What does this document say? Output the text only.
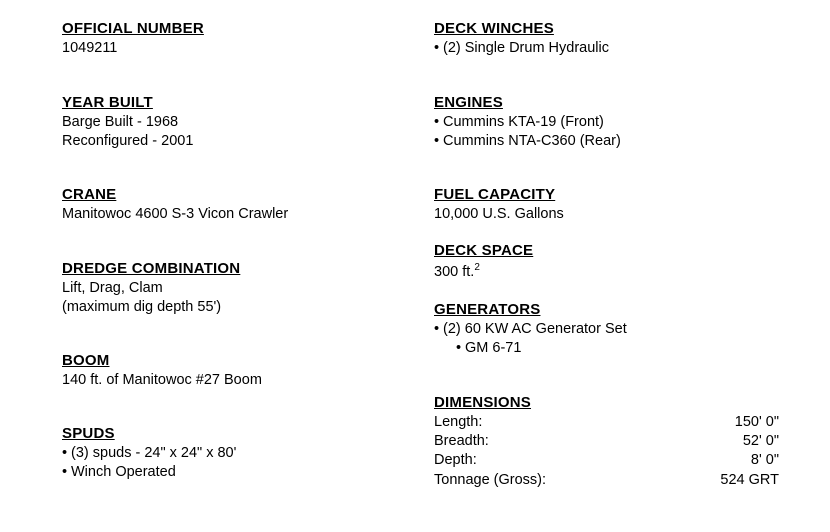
OFFICIAL NUMBER
1049211
YEAR BUILT
Barge Built - 1968
Reconfigured - 2001
CRANE
Manitowoc 4600 S-3 Vicon Crawler
DREDGE COMBINATION
Lift, Drag, Clam
(maximum dig depth 55')
BOOM
140 ft. of Manitowoc #27 Boom
SPUDS
• (3) spuds - 24" x 24" x 80'
• Winch Operated
DECK WINCHES
• (2) Single Drum Hydraulic
ENGINES
• Cummins KTA-19 (Front)
• Cummins NTA-C360 (Rear)
FUEL CAPACITY
10,000 U.S. Gallons
DECK SPACE
300 ft.$^2$
GENERATORS
• (2) 60 KW AC Generator Set
• GM 6-71
DIMENSIONS
Length:	150' 0"
Breadth:	52' 0"
Depth:	8' 0"
Tonnage (Gross):	524 GRT
